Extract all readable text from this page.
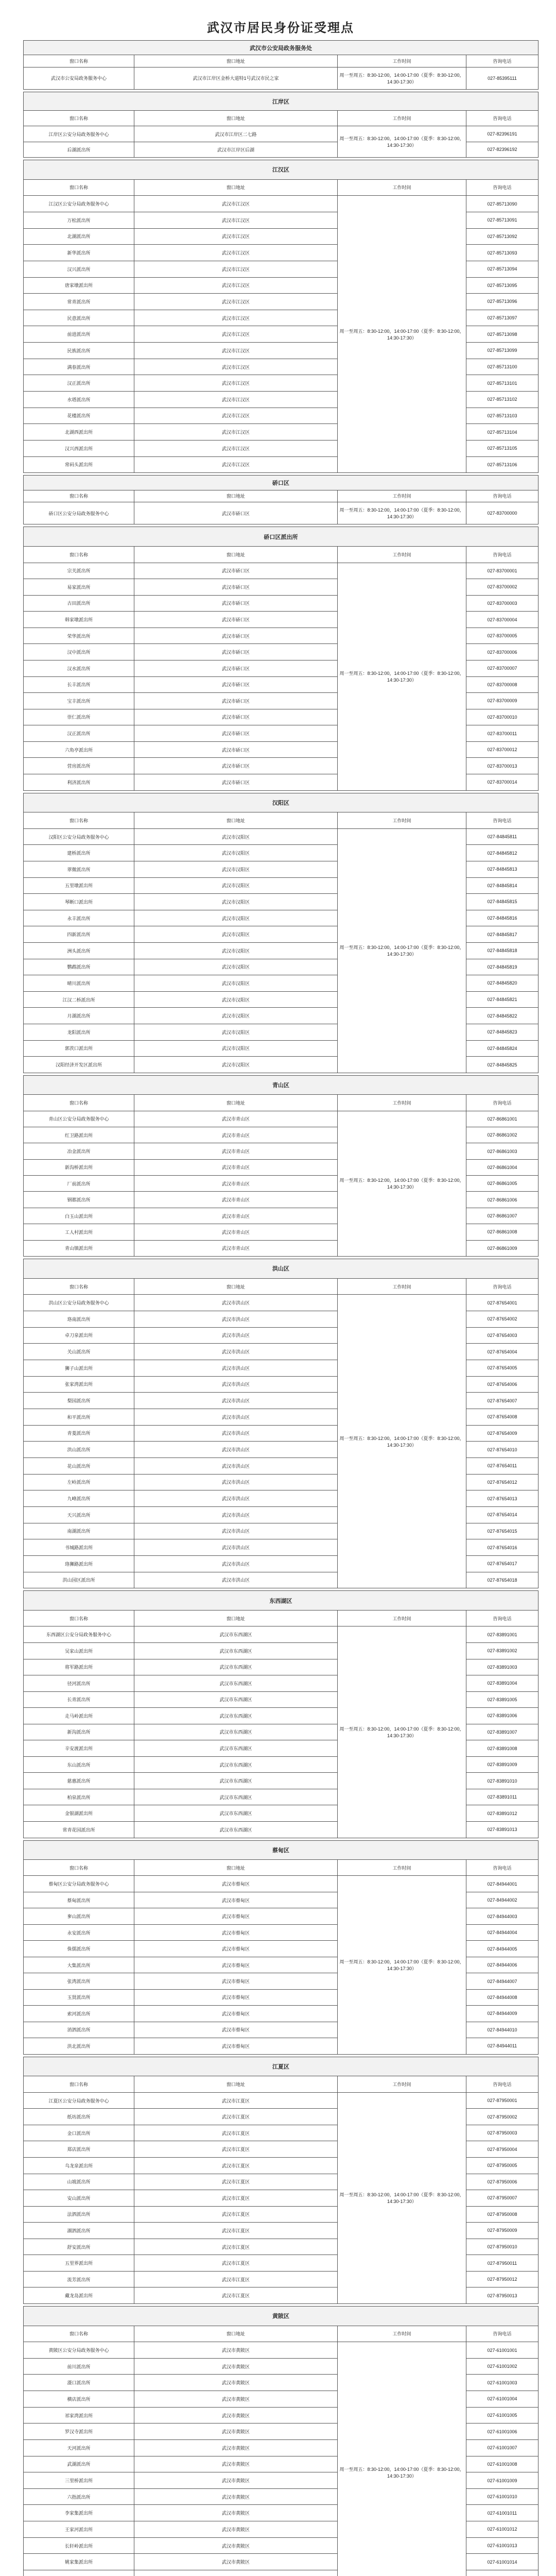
武汉市居民身份证受理点
武汉市公安局政务服务处			
窗口名称	窗口地址	工作时间	咨询电话
武汉市公安局政务服务中心	武汉市江岸区金桥大道特1号武汉市民之家	周一至周五：8:30-12:00，14:00-17:00（夏季：8:30-12:00，14:30-17:30）	027-85395111
江岸区			
窗口名称	窗口地址	工作时间	咨询电话
江岸区公安分局政务服务中心	武汉市江岸区二七路	周一至周五：8:30-12:00，14:00-17:00（夏季：8:30-12:00，14:30-17:30）	027-82396191
后湖派出所	武汉市江岸区后湖		027-82396192
江汉区			
窗口名称	窗口地址	工作时间	咨询电话
江汉区公安分局政务服务中心	武汉市江汉区	周一至周五：8:30-12:00，14:00-17:00（夏季：8:30-12:00，14:30-17:30）	027-85713090
万松派出所	武汉市江汉区		027-85713091
北湖派出所	武汉市江汉区		027-85713092
新华派出所	武汉市江汉区		027-85713093
汉兴派出所	武汉市江汉区		027-85713094
唐家墩派出所	武汉市江汉区		027-85713095
常青派出所	武汉市江汉区		027-85713096
民意派出所	武汉市江汉区		027-85713097
前进派出所	武汉市江汉区		027-85713098
民族派出所	武汉市江汉区		027-85713099
满春派出所	武汉市江汉区		027-85713100
汉正派出所	武汉市江汉区		027-85713101
水塔派出所	武汉市江汉区		027-85713102
花楼派出所	武汉市江汉区		027-85713103
北湖西派出所	武汉市江汉区		027-85713104
汉兴西派出所	武汉市江汉区		027-85713105
常码头派出所	武汉市江汉区		027-85713106
硚口区			
窗口名称	窗口地址	工作时间	咨询电话
硚口区公安分局政务服务中心	武汉市硚口区	周一至周五：8:30-12:00，14:00-17:00（夏季：8:30-12:00，14:30-17:30）	027-83700000
硚口区派出所			
窗口名称	窗口地址	工作时间	咨询电话
宗关派出所	武汉市硚口区	周一至周五：8:30-12:00，14:00-17:00（夏季：8:30-12:00，14:30-17:30）	027-83700001
易家派出所	武汉市硚口区		027-83700002
古田派出所	武汉市硚口区		027-83700003
韩家墩派出所	武汉市硚口区		027-83700004
荣华派出所	武汉市硚口区		027-83700005
汉中派出所	武汉市硚口区		027-83700006
汉水派出所	武汉市硚口区		027-83700007
长丰派出所	武汉市硚口区		027-83700008
宝丰派出所	武汉市硚口区		027-83700009
崇仁派出所	武汉市硚口区		027-83700010
汉正派出所	武汉市硚口区		027-83700011
六角亭派出所	武汉市硚口区		027-83700012
营房派出所	武汉市硚口区		027-83700013
利济派出所	武汉市硚口区		027-83700014
汉阳区			
窗口名称	窗口地址	工作时间	咨询电话
汉阳区公安分局政务服务中心	武汉市汉阳区	周一至周五：8:30-12:00，14:00-17:00（夏季：8:30-12:00，14:30-17:30）	027-84845811
建桥派出所	武汉市汉阳区		027-84845812
翠微派出所	武汉市汉阳区		027-84845813
五里墩派出所	武汉市汉阳区		027-84845814
琴断口派出所	武汉市汉阳区		027-84845815
永丰派出所	武汉市汉阳区		027-84845816
四新派出所	武汉市汉阳区		027-84845817
洲头派出所	武汉市汉阳区		027-84845818
鹦鹉派出所	武汉市汉阳区		027-84845819
晴川派出所	武汉市汉阳区		027-84845820
江汉二桥派出所	武汉市汉阳区		027-84845821
月湖派出所	武汉市汉阳区		027-84845822
龙阳派出所	武汉市汉阳区		027-84845823
郭茨口派出所	武汉市汉阳区		027-84845824
汉阳经济开发区派出所	武汉市汉阳区		027-84845825
青山区			
窗口名称	窗口地址	工作时间	咨询电话
青山区公安分局政务服务中心	武汉市青山区	周一至周五：8:30-12:00，14:00-17:00（夏季：8:30-12:00，14:30-17:30）	027-86861001
红卫路派出所	武汉市青山区		027-86861002
冶金派出所	武汉市青山区		027-86861003
新沟桥派出所	武汉市青山区		027-86861004
厂前派出所	武汉市青山区		027-86861005
钢都派出所	武汉市青山区		027-86861006
白玉山派出所	武汉市青山区		027-86861007
工人村派出所	武汉市青山区		027-86861008
青山镇派出所	武汉市青山区		027-86861009
洪山区			
窗口名称	窗口地址	工作时间	咨询电话
洪山区公安分局政务服务中心	武汉市洪山区	周一至周五：8:30-12:00，14:00-17:00（夏季：8:30-12:00，14:30-17:30）	027-87654001
珞南派出所	武汉市洪山区		027-87654002
卓刀泉派出所	武汉市洪山区		027-87654003
关山派出所	武汉市洪山区		027-87654004
狮子山派出所	武汉市洪山区		027-87654005
张家湾派出所	武汉市洪山区		027-87654006
梨园派出所	武汉市洪山区		027-87654007
和平派出所	武汉市洪山区		027-87654008
青菱派出所	武汉市洪山区		027-87654009
洪山派出所	武汉市洪山区		027-87654010
花山派出所	武汉市洪山区		027-87654011
左岭派出所	武汉市洪山区		027-87654012
九峰派出所	武汉市洪山区		027-87654013
天兴派出所	武汉市洪山区		027-87654014
南湖派出所	武汉市洪山区		027-87654015
书城路派出所	武汉市洪山区		027-87654016
珞狮路派出所	武汉市洪山区		027-87654017
洪山园区派出所	武汉市洪山区		027-87654018
东西湖区			
窗口名称	窗口地址	工作时间	咨询电话
东西湖区公安分局政务服务中心	武汉市东西湖区	周一至周五：8:30-12:00，14:00-17:00（夏季：8:30-12:00，14:30-17:30）	027-83891001
吴家山派出所	武汉市东西湖区		027-83891002
将军路派出所	武汉市东西湖区		027-83891003
径河派出所	武汉市东西湖区		027-83891004
长青派出所	武汉市东西湖区		027-83891005
走马岭派出所	武汉市东西湖区		027-83891006
新沟派出所	武汉市东西湖区		027-83891007
辛安渡派出所	武汉市东西湖区		027-83891008
东山派出所	武汉市东西湖区		027-83891009
慈惠派出所	武汉市东西湖区		027-83891010
柏泉派出所	武汉市东西湖区		027-83891011
金银湖派出所	武汉市东西湖区		027-83891012
常青花园派出所	武汉市东西湖区		027-83891013
蔡甸区			
窗口名称	窗口地址	工作时间	咨询电话
蔡甸区公安分局政务服务中心	武汉市蔡甸区	周一至周五：8:30-12:00，14:00-17:00（夏季：8:30-12:00，14:30-17:30）	027-84944001
蔡甸派出所	武汉市蔡甸区		027-84944002
奓山派出所	武汉市蔡甸区		027-84944003
永安派出所	武汉市蔡甸区		027-84944004
侏儒派出所	武汉市蔡甸区		027-84944005
大集派出所	武汉市蔡甸区		027-84944006
张湾派出所	武汉市蔡甸区		027-84944007
玉贤派出所	武汉市蔡甸区		027-84944008
索河派出所	武汉市蔡甸区		027-84944009
消泗派出所	武汉市蔡甸区		027-84944010
洪北派出所	武汉市蔡甸区		027-84944011
江夏区			
窗口名称	窗口地址	工作时间	咨询电话
江夏区公安分局政务服务中心	武汉市江夏区	周一至周五：8:30-12:00，14:00-17:00（夏季：8:30-12:00，14:30-17:30）	027-87950001
纸坊派出所	武汉市江夏区		027-87950002
金口派出所	武汉市江夏区		027-87950003
郑店派出所	武汉市江夏区		027-87950004
乌龙泉派出所	武汉市江夏区		027-87950005
山坡派出所	武汉市江夏区		027-87950006
安山派出所	武汉市江夏区		027-87950007
法泗派出所	武汉市江夏区		027-87950008
湖泗派出所	武汉市江夏区		027-87950009
舒安派出所	武汉市江夏区		027-87950010
五里界派出所	武汉市江夏区		027-87950011
流芳派出所	武汉市江夏区		027-87950012
藏龙岛派出所	武汉市江夏区		027-87950013
黄陂区			
窗口名称	窗口地址	工作时间	咨询电话
黄陂区公安分局政务服务中心	武汉市黄陂区	周一至周五：8:30-12:00，14:00-17:00（夏季：8:30-12:00，14:30-17:30）	027-61001001
前川派出所	武汉市黄陂区		027-61001002
滠口派出所	武汉市黄陂区		027-61001003
横店派出所	武汉市黄陂区		027-61001004
祁家湾派出所	武汉市黄陂区		027-61001005
罗汉寺派出所	武汉市黄陂区		027-61001006
天河派出所	武汉市黄陂区		027-61001007
武湖派出所	武汉市黄陂区		027-61001008
三里桥派出所	武汉市黄陂区		027-61001009
六指派出所	武汉市黄陂区		027-61001010
李家集派出所	武汉市黄陂区		027-61001011
王家河派出所	武汉市黄陂区		027-61001012
长轩岭派出所	武汉市黄陂区		027-61001013
姚家集派出所	武汉市黄陂区		027-61001014
